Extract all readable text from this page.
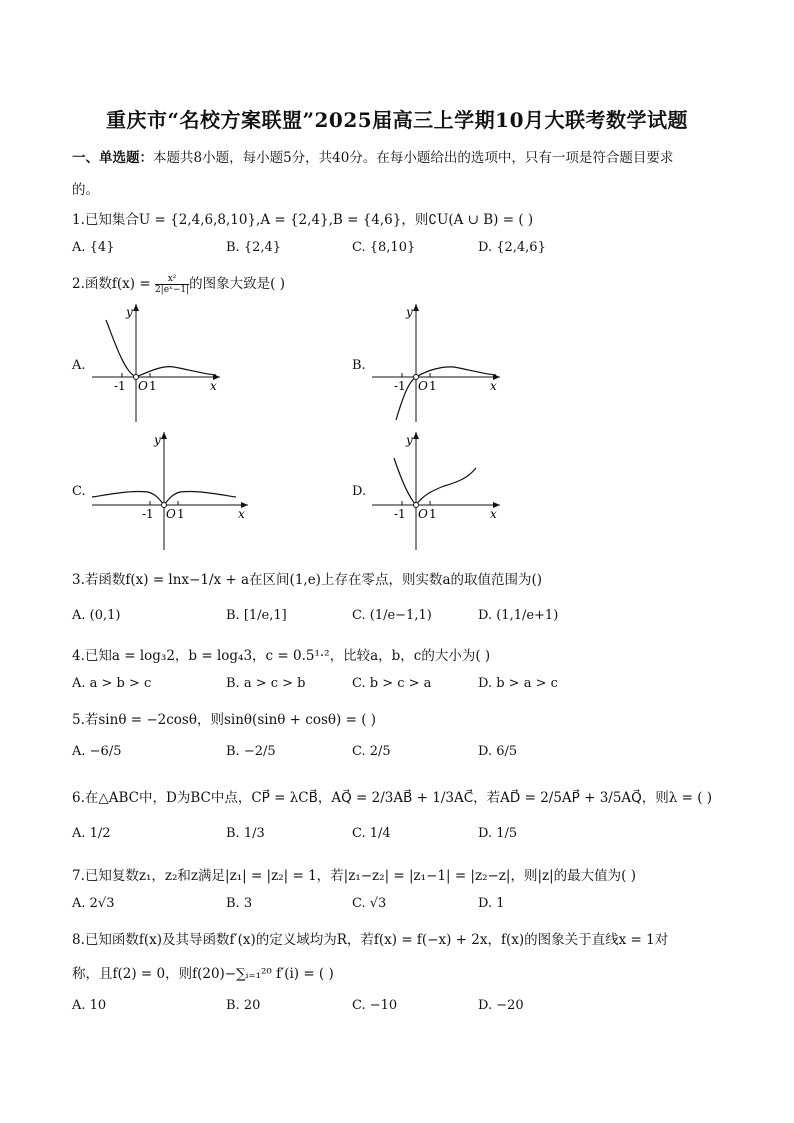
重庆市“名校方案联盟”2025届高三上学期10月大联考数学试题
一、单选题：本题共8小题，每小题5分，共40分。在每小题给出的选项中，只有一项是符合题目要求
的。
1.已知集合U = {2,4,6,8,10},A = {2,4},B = {4,6}，则∁U(A ∪ B) = ( )
A. {4}	B. {2,4}	C. {8,10}	D. {2,4,6}
2.函数$f(x) = \frac{\text{x²}}{\text{2|eˣ−1|}}$ 的图象大致是( )
A.
-1 O 1	x
y
B.
-1 O 1	x
y
C.
-1 O 1	x
y
D.
-1 O 1	x
y
3.若函数f(x) = lnx−1/x + a在区间(1,e)上存在零点，则实数a的取值范围为()
A. (0,1)	B. [1/e,1]	C. (1/e−1,1)	D. (1,1/e+1)
4.已知a = log₃2，b = log₄3，c = 0.5¹·²，比较a，b，c的大小为( )
A. a > b > c	B. a > c > b	C. b > c > a	D. b > a > c
5.若sinθ = −2cosθ，则sinθ(sinθ + cosθ) = ( )
A. −6/5	B. −2/5	C. 2/5	D. 6/5
6.在△ABC中，D为BC中点，CP⃗ = λCB⃗，AQ⃗ = 2/3AB⃗ + 1/3AC⃗，若AD⃗ = 2/5AP⃗ + 3/5AQ⃗，则λ = ( )
A. 1/2	B. 1/3	C. 1/4	D. 1/5
7.已知复数z₁，z₂和z满足|z₁| = |z₂| = 1，若|z₁−z₂| = |z₁−1| = |z₂−z|，则|z|的最大值为( )
A. 2√3	B. 3	C. √3	D. 1
8.已知函数f(x)及其导函数f′(x)的定义域均为R，若f(x) = f(−x) + 2x，f(x)的图象关于直线x = 1对
称，且f(2) = 0，则f(20)−∑ᵢ₌₁²⁰ f′(i) = ( )
A. 10	B. 20	C. −10	D. −20
